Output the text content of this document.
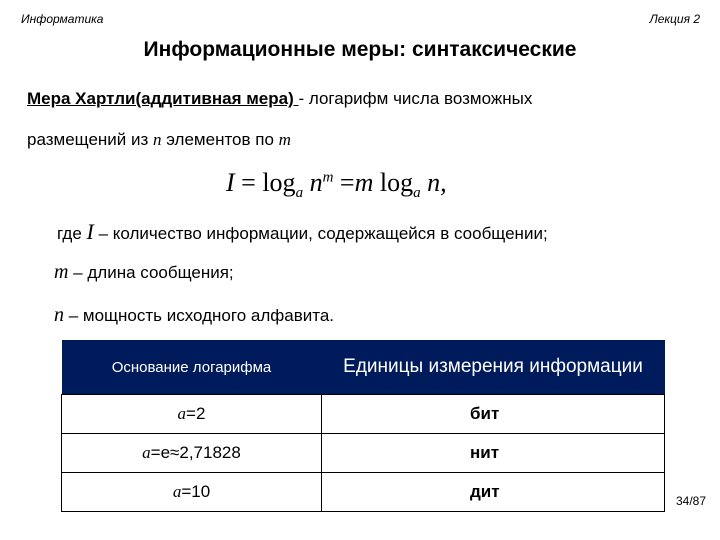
Информатика	Лекция 2
Информационные меры: синтаксические
Мера Хартли(аддитивная мера) - логарифм числа возможных
размещений из n элементов по m
$I = \log_a n^m =m$ $\log_a n$,
где I – количество информации, содержащейся в сообщении;
m – длина сообщения;
n – мощность исходного алфавита.
Основание логарифма	Единицы измерения информации
a=2	бит
a=e≈2,71828	нит
a=10	дит	34/87
